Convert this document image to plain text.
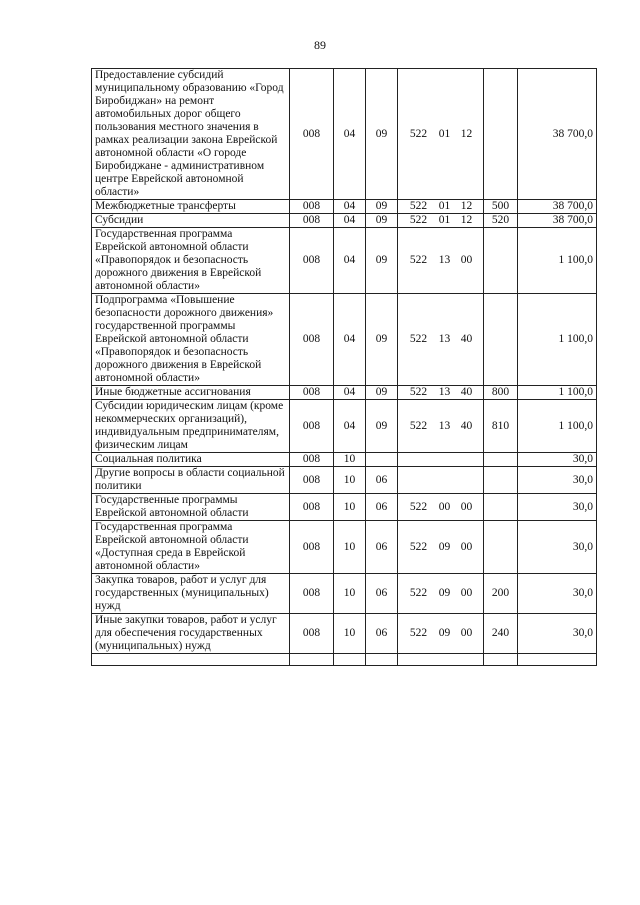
89
Предоставление субсидий муниципальному образованию «Город Биробиджан» на ремонт автомобильных дорог общего пользования местного значения в рамках реализации закона Еврейской автономной области «О городе Биробиджане - административном центре Еврейской автономной области»	008	04	09	522 01 12		38 700,0
Межбюджетные трансферты	008	04	09	522 01 12	500	38 700,0
Субсидии	008	04	09	522 01 12	520	38 700,0
Государственная программа Еврейской автономной области «Правопорядок и безопасность дорожного движения в Еврейской автономной области»	008	04	09	522 13 00		1 100,0
Подпрограмма «Повышение безопасности дорожного движения» государственной программы Еврейской автономной области «Правопорядок и безопасность дорожного движения в Еврейской автономной области»	008	04	09	522 13 40		1 100,0
Иные бюджетные ассигнования	008	04	09	522 13 40	800	1 100,0
Субсидии юридическим лицам (кроме некоммерческих организаций), индивидуальным предпринимателям, физическим лицам	008	04	09	522 13 40	810	1 100,0
Социальная политика	008	10				30,0
Другие вопросы в области социальной политики	008	10	06			30,0
Государственные программы Еврейской автономной области	008	10	06	522 00 00		30,0
Государственная программа Еврейской автономной области «Доступная среда в Еврейской автономной области»	008	10	06	522 09 00		30,0
Закупка товаров, работ и услуг для государственных (муниципальных) нужд	008	10	06	522 09 00	200	30,0
Иные закупки товаров, работ и услуг для обеспечения государственных (муниципальных) нужд	008	10	06	522 09 00	240	30,0
